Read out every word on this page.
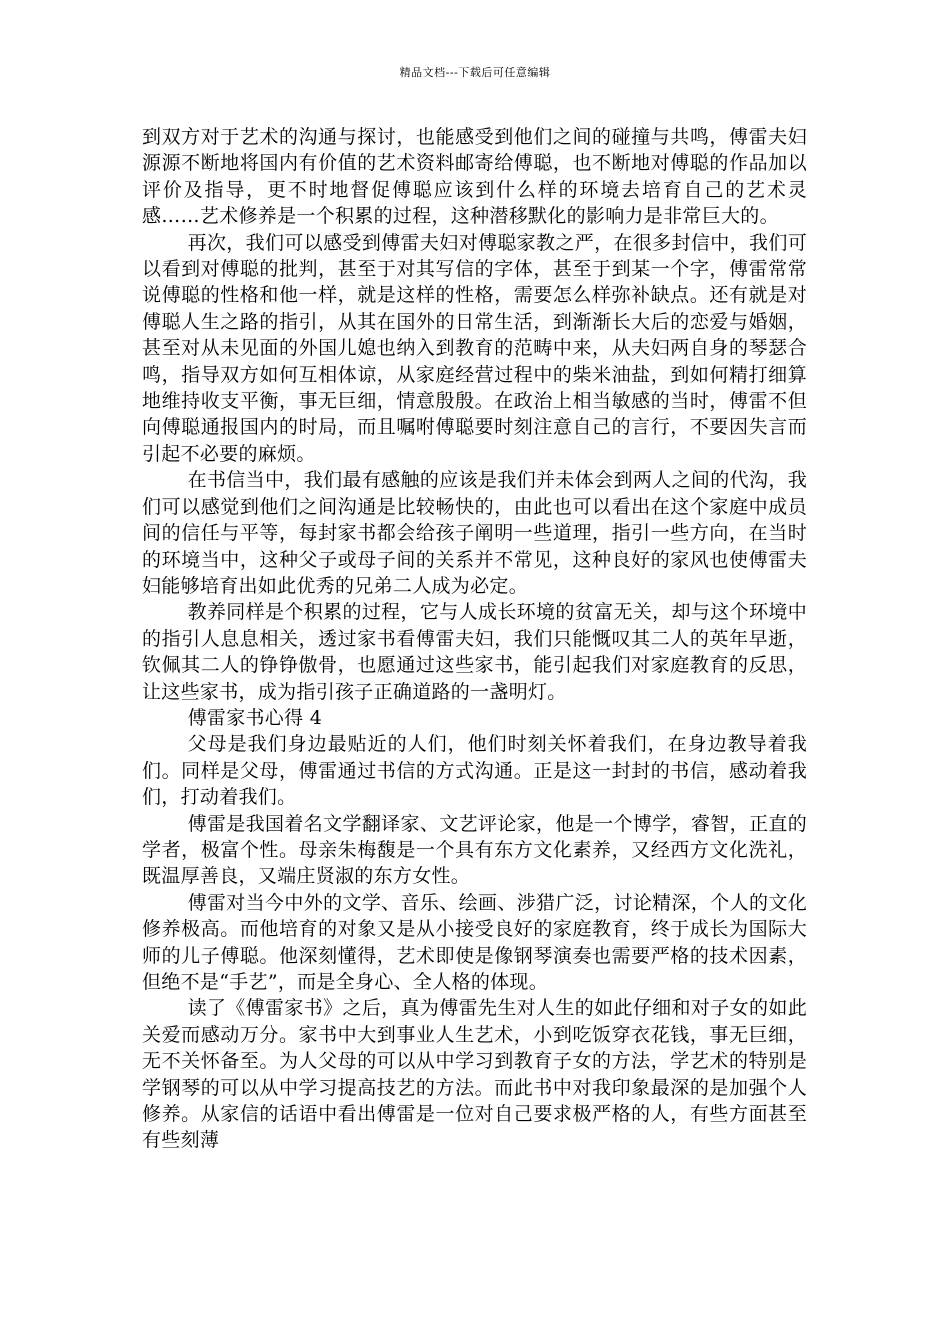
精品文档---下载后可任意编辑

到双方对于艺术的沟通与探讨，也能感受到他们之间的碰撞与共鸣，傅雷夫妇源源不断地将国内有价值的艺术资料邮寄给傅聪，也不断地对傅聪的作品加以评价及指导，更不时地督促傅聪应该到什么样的环境去培育自己的艺术灵感……艺术修养是一个积累的过程，这种潜移默化的影响力是非常巨大的。

再次，我们可以感受到傅雷夫妇对傅聪家教之严，在很多封信中，我们可以看到对傅聪的批判，甚至于对其写信的字体，甚至于到某一个字，傅雷常常说傅聪的性格和他一样，就是这样的性格，需要怎么样弥补缺点。还有就是对傅聪人生之路的指引，从其在国外的日常生活，到渐渐长大后的恋爱与婚姻，甚至对从未见面的外国儿媳也纳入到教育的范畴中来，从夫妇两自身的琴瑟合鸣，指导双方如何互相体谅，从家庭经营过程中的柴米油盐，到如何精打细算地维持收支平衡，事无巨细，情意殷殷。在政治上相当敏感的当时，傅雷不但向傅聪通报国内的时局，而且嘱咐傅聪要时刻注意自己的言行，不要因失言而引起不必要的麻烦。

在书信当中，我们最有感触的应该是我们并未体会到两人之间的代沟，我们可以感觉到他们之间沟通是比较畅快的，由此也可以看出在这个家庭中成员间的信任与平等，每封家书都会给孩子阐明一些道理，指引一些方向，在当时的环境当中，这种父子或母子间的关系并不常见，这种良好的家风也使傅雷夫妇能够培育出如此优秀的兄弟二人成为必定。

教养同样是个积累的过程，它与人成长环境的贫富无关，却与这个环境中的指引人息息相关，透过家书看傅雷夫妇，我们只能慨叹其二人的英年早逝，钦佩其二人的铮铮傲骨，也愿通过这些家书，能引起我们对家庭教育的反思，让这些家书，成为指引孩子正确道路的一盏明灯。

傅雷家书心得 4

父母是我们身边最贴近的人们，他们时刻关怀着我们，在身边教导着我们。同样是父母，傅雷通过书信的方式沟通。正是这一封封的书信，感动着我们，打动着我们。

傅雷是我国着名文学翻译家、文艺评论家，他是一个博学，睿智，正直的学者，极富个性。母亲朱梅馥是一个具有东方文化素养，又经西方文化洗礼，既温厚善良，又端庄贤淑的东方女性。

傅雷对当今中外的文学、音乐、绘画、涉猎广泛，讨论精深，个人的文化修养极高。而他培育的对象又是从小接受良好的家庭教育，终于成长为国际大师的儿子傅聪。他深刻懂得，艺术即使是像钢琴演奏也需要严格的技术因素，但绝不是“手艺”，而是全身心、全人格的体现。

读了《傅雷家书》之后，真为傅雷先生对人生的如此仔细和对子女的如此关爱而感动万分。家书中大到事业人生艺术，小到吃饭穿衣花钱，事无巨细，无不关怀备至。为人父母的可以从中学习到教育子女的方法，学艺术的特别是学钢琴的可以从中学习提高技艺的方法。而此书中对我印象最深的是加强个人修养。从家信的话语中看出傅雷是一位对自己要求极严格的人，有些方面甚至有些刻薄
